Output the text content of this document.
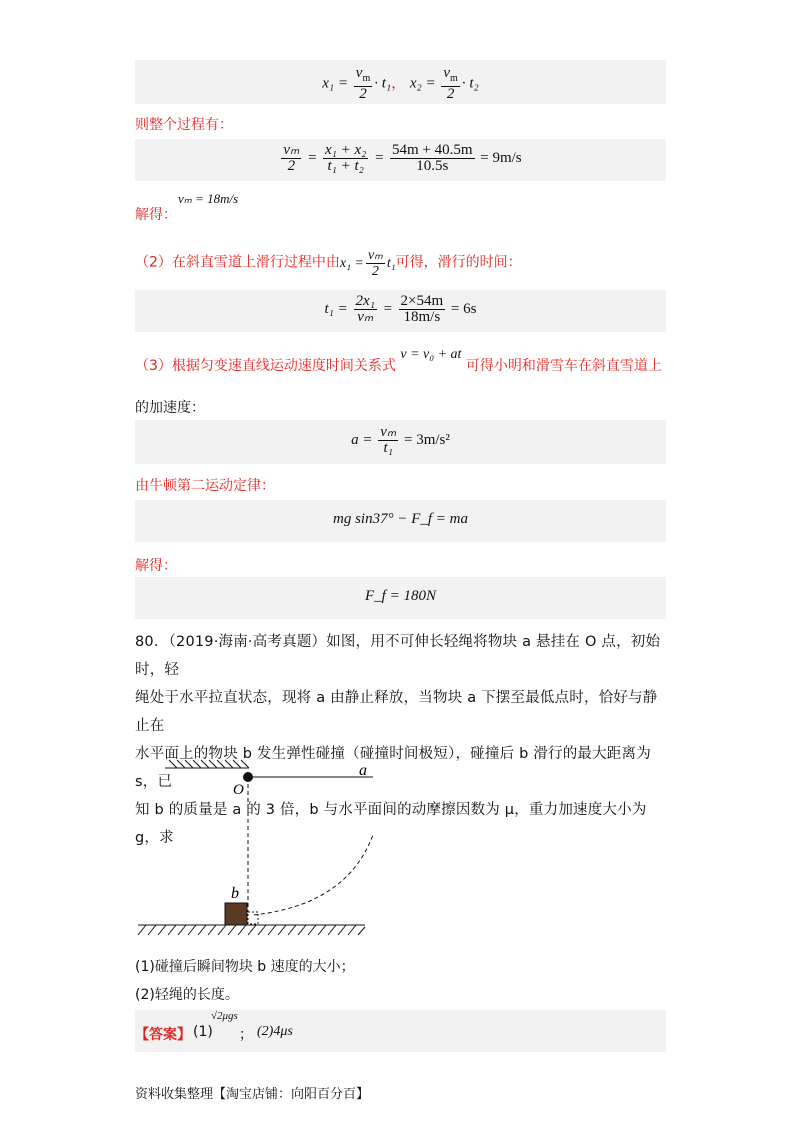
$x_1 = \frac{v_m}{2} \cdot t_1$， $x_2 = \frac{v_m}{2} \cdot t_2$
则整个过程有：
$\frac{\text{vₘ}}{2} = \frac{\text{x₁ + x₂}}{\text{t₁ + t₂}} = \frac{54m + 40.5m}{10.5s} = 9m/s$
解得：
vₘ = 18m/s
（2）在斜直雪道上滑行过程中由$x_1 = \frac{\text{vₘ}}{2} t_1$可得，滑行的时间：
$t_1 = \frac{\text{2x₁}}{\text{vₘ}} = \frac{2\times 54m}{18m/s} = 6s$
（3）根据匀变速直线运动速度时间关系式 v = v₀ + at 可得小明和滑雪车在斜直雪道上
的加速度：
$a = \frac{\text{vₘ}}{\text{t₁}} = 3m/s^2$
由牛顿第二运动定律：
mg sin37° − F_f = ma
解得：
F_f = 180N
80．（2019·海南·高考真题）如图，用不可伸长轻绳将物块 a 悬挂在 O 点，初始时，轻
绳处于水平拉直状态，现将 a 由静止释放，当物块 a 下摆至最低点时，恰好与静止在
水平面上的物块 b 发生弹性碰撞（碰撞时间极短），碰撞后 b 滑行的最大距离为 s，已
知 b 的质量是 a 的 3 倍，b 与水平面间的动摩擦因数为 μ，重力加速度大小为 g，求
a
O
b
(1)碰撞后瞬间物块 b 速度的大小；
(2)轻绳的长度。
【答案】 (1)
√2μgs
； (2)4μs
资料收集整理【淘宝店铺：向阳百分百】
